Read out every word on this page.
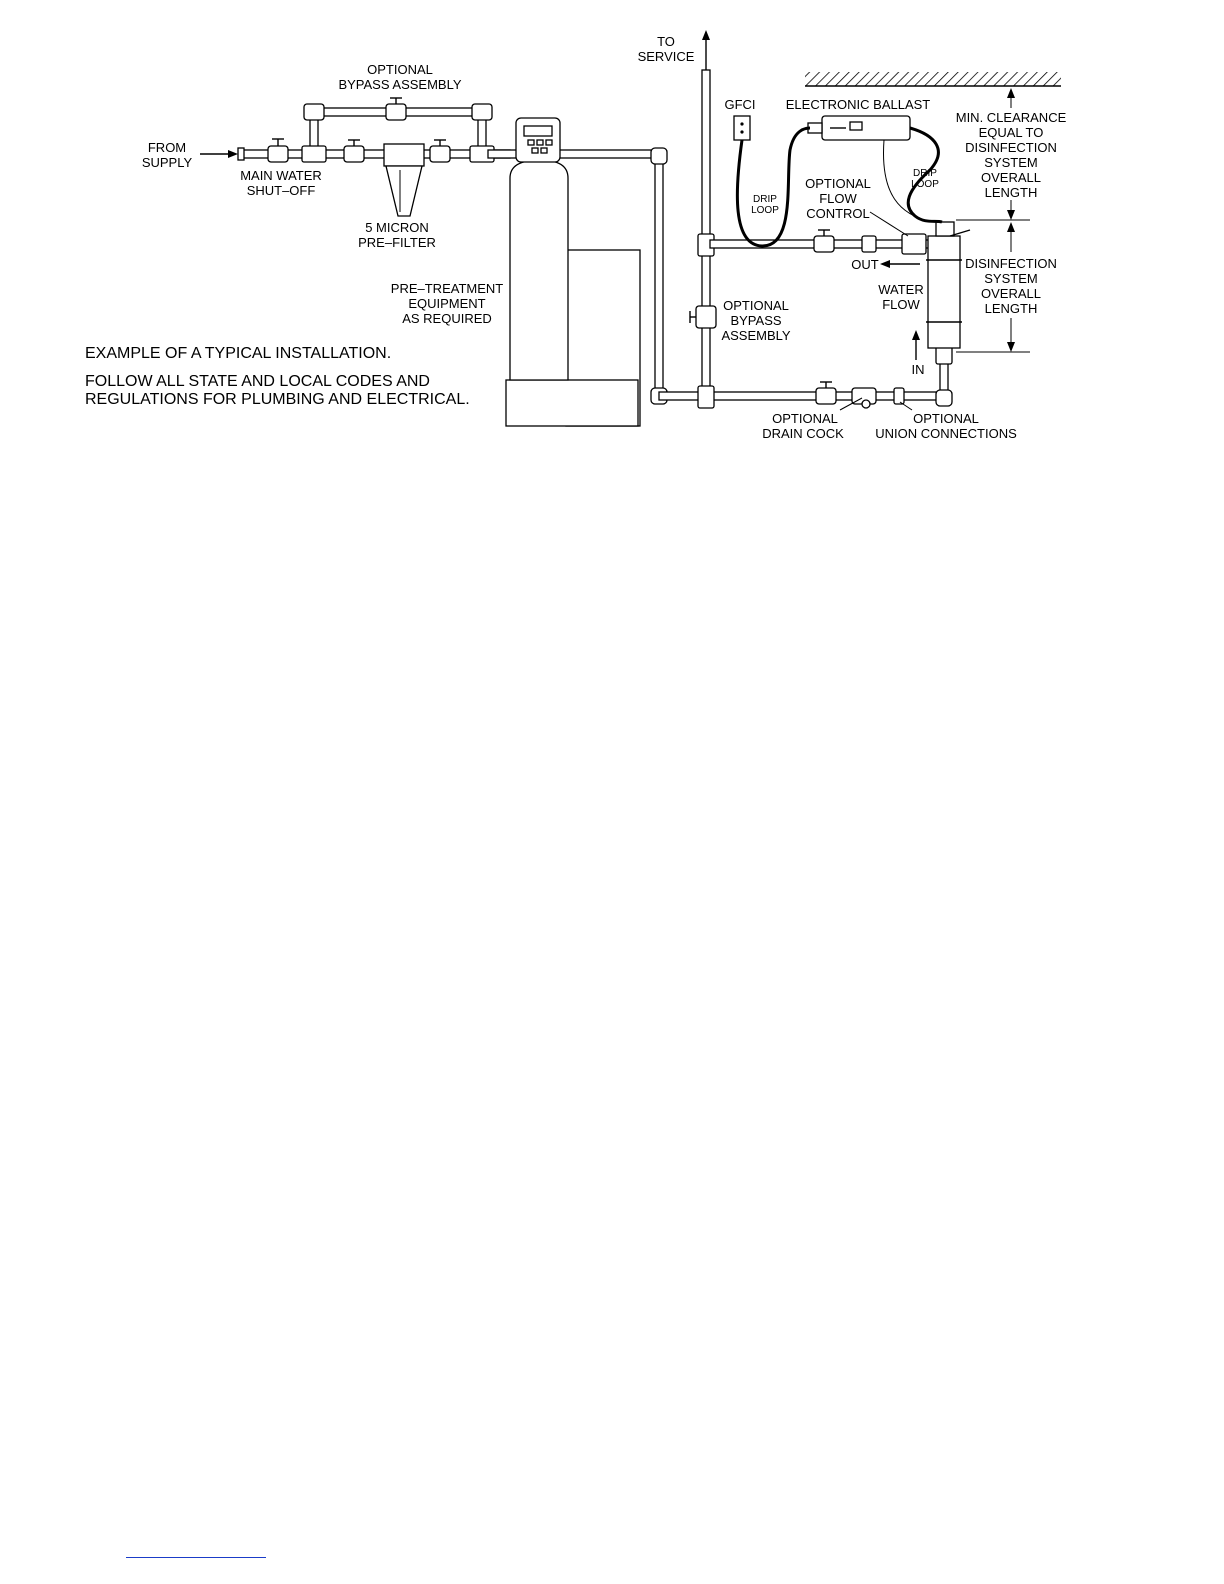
TO
SERVICE
OPTIONAL
BYPASS ASSEMBLY
FROM
SUPPLY
MAIN WATER
SHUT–OFF
5 MICRON
PRE–FILTER
PRE–TREATMENT
EQUIPMENT
AS REQUIRED
GFCI ELECTRONIC BALLAST
MIN. CLEARANCE
EQUAL TO
DISINFECTION
SYSTEM
OVERALL
LENGTH
DRIP
LOOP
DRIP
LOOP
OPTIONAL
FLOW
CONTROL
OUT
WATER
FLOW
IN
DISINFECTION
SYSTEM
OVERALL
LENGTH
OPTIONAL
BYPASS
ASSEMBLY
OPTIONAL
DRAIN COCK
OPTIONAL
UNION CONNECTIONS
EXAMPLE OF A TYPICAL INSTALLATION.
FOLLOW ALL STATE AND LOCAL CODES AND
REGULATIONS FOR PLUMBING AND ELECTRICAL.
